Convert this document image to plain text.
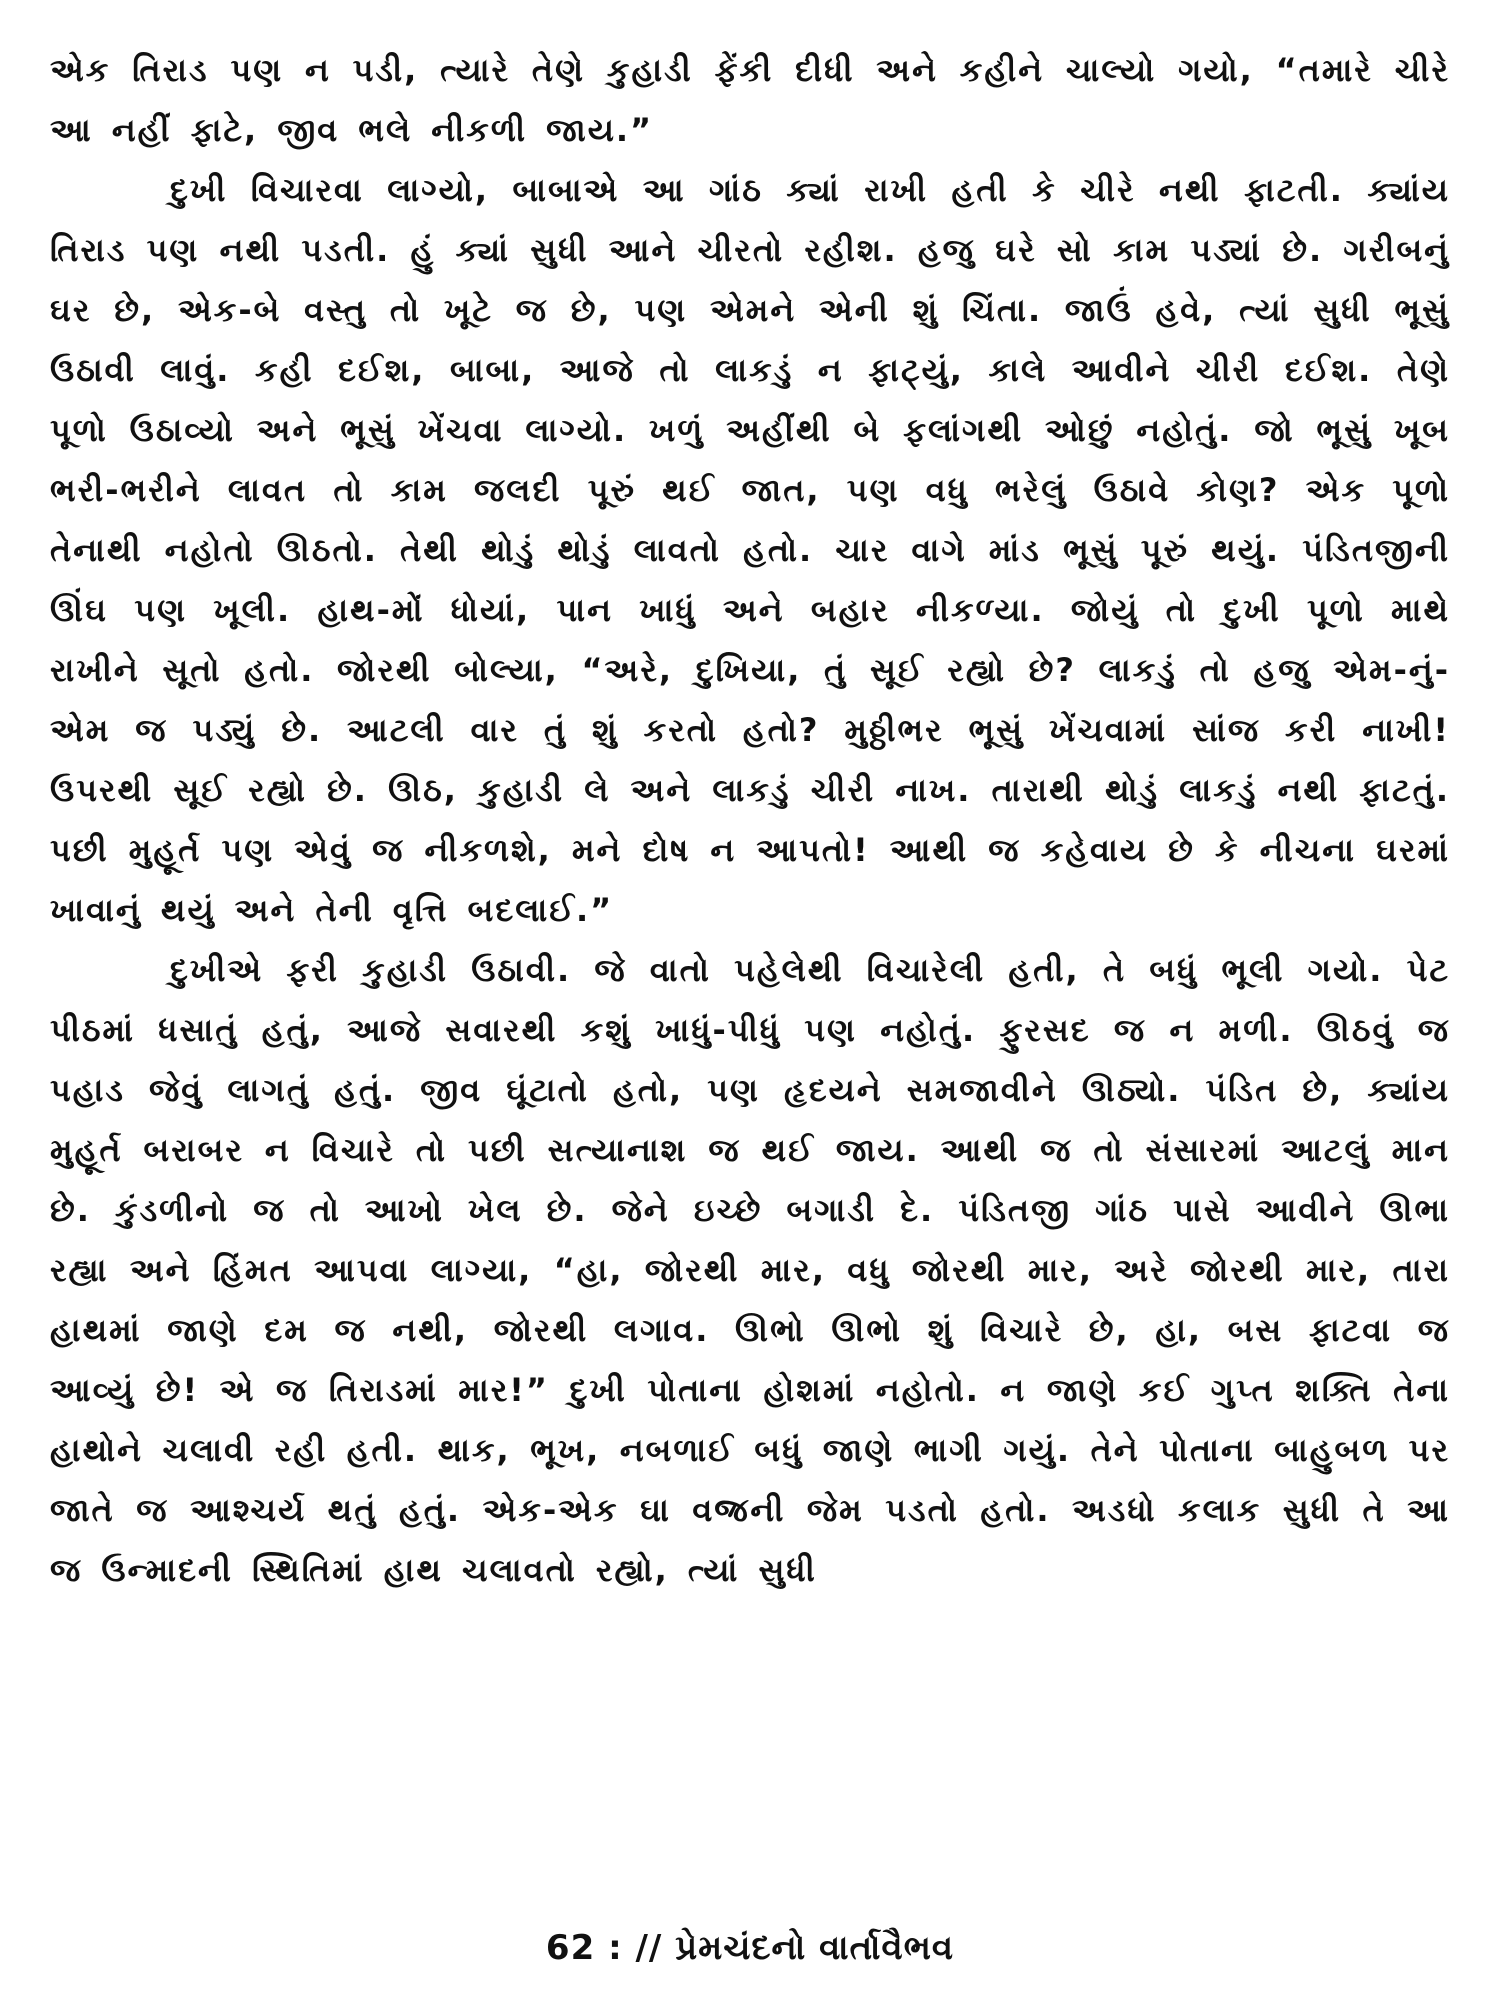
એક તિરાડ પણ ન પડી, ત્યારે તેણે કુહાડી ફેંકી દીધી અને કહીને ચાલ્યો ગયો, “તમારે ચીરે આ નહીં ફાટે, જીવ ભલે નીકળી જાય.”

દુખી વિચારવા લાગ્યો, બાબાએ આ ગાંઠ ક્યાં રાખી હતી કે ચીરે નથી ફાટતી. ક્યાંય તિરાડ પણ નથી પડતી. હું ક્યાં સુધી આને ચીરતો રહીશ. હજુ ઘરે સો કામ પડ્યાં છે. ગરીબનું ઘર છે, એક-બે વસ્તુ તો ખૂટે જ છે, પણ એમને એની શું ચિંતા. જાઉં હવે, ત્યાં સુધી ભૂસું ઉઠાવી લાવું. કહી દઈશ, બાબા, આજે તો લાકડું ન ફાટ્યું, કાલે આવીને ચીરી દઈશ. તેણે પૂળો ઉઠાવ્યો અને ભૂસું ખેંચવા લાગ્યો. ખળું અહીંથી બે ફલાંગથી ઓછું નહોતું. જો ભૂસું ખૂબ ભરી-ભરીને લાવત તો કામ જલદી પૂરું થઈ જાત, પણ વધુ ભરેલું ઉઠાવે કોણ? એક પૂળો તેનાથી નહોતો ઊઠતો. તેથી થોડું થોડું લાવતો હતો. ચાર વાગે માંડ ભૂસું પૂરું થયું. પંડિતજીની ઊંઘ પણ ખૂલી. હાથ-મોં ધોયાં, પાન ખાધું અને બહાર નીકળ્યા. જોયું તો દુખી પૂળો માથે રાખીને સૂતો હતો. જોરથી બોલ્યા, “અરે, દુખિયા, તું સૂઈ રહ્યો છે? લાકડું તો હજુ એમ-નું-એમ જ પડ્યું છે. આટલી વાર તું શું કરતો હતો? મુઠ્ઠીભર ભૂસું ખેંચવામાં સાંજ કરી નાખી! ઉપરથી સૂઈ રહ્યો છે. ઊઠ, કુહાડી લે અને લાકડું ચીરી નાખ. તારાથી થોડું લાકડું નથી ફાટતું. પછી મુહૂર્ત પણ એવું જ નીકળશે, મને દોષ ન આપતો! આથી જ કહેવાય છે કે નીચના ઘરમાં ખાવાનું થયું અને તેની વૃત્તિ બદલાઈ.”

દુખીએ ફરી કુહાડી ઉઠાવી. જે વાતો પહેલેથી વિચારેલી હતી, તે બધું ભૂલી ગયો. પેટ પીઠમાં ધસાતું હતું, આજે સવારથી કશું ખાધું-પીધું પણ નહોતું. ફુરસદ જ ન મળી. ઊઠવું જ પહાડ જેવું લાગતું હતું. જીવ ઘૂંટાતો હતો, પણ હૃદયને સમજાવીને ઊઠ્યો. પંડિત છે, ક્યાંય મુહૂર્ત બરાબર ન વિચારે તો પછી સત્યાનાશ જ થઈ જાય. આથી જ તો સંસારમાં આટલું માન છે. કુંડળીનો જ તો આખો ખેલ છે. જેને ઇચ્છે બગાડી દે. પંડિતજી ગાંઠ પાસે આવીને ઊભા રહ્યા અને હિંમત આપવા લાગ્યા, “હા, જોરથી માર, વધુ જોરથી માર, અરે જોરથી માર, તારા હાથમાં જાણે દમ જ નથી, જોરથી લગાવ. ઊભો ઊભો શું વિચારે છે, હા, બસ ફાટવા જ આવ્યું છે! એ જ તિરાડમાં માર!” દુખી પોતાના હોશમાં નહોતો. ન જાણે કઈ ગુપ્ત શક્તિ તેના હાથોને ચલાવી રહી હતી. થાક, ભૂખ, નબળાઈ બધું જાણે ભાગી ગયું. તેને પોતાના બાહુબળ પર જાતે જ આશ્ચર્ય થતું હતું. એક-એક ઘા વજ્રની જેમ પડતો હતો. અડધો કલાક સુધી તે આ જ ઉન્માદની સ્થિતિમાં હાથ ચલાવતો રહ્યો, ત્યાં સુધી

62 : // પ્રેમચંદનો વાર્તાવૈભવ
